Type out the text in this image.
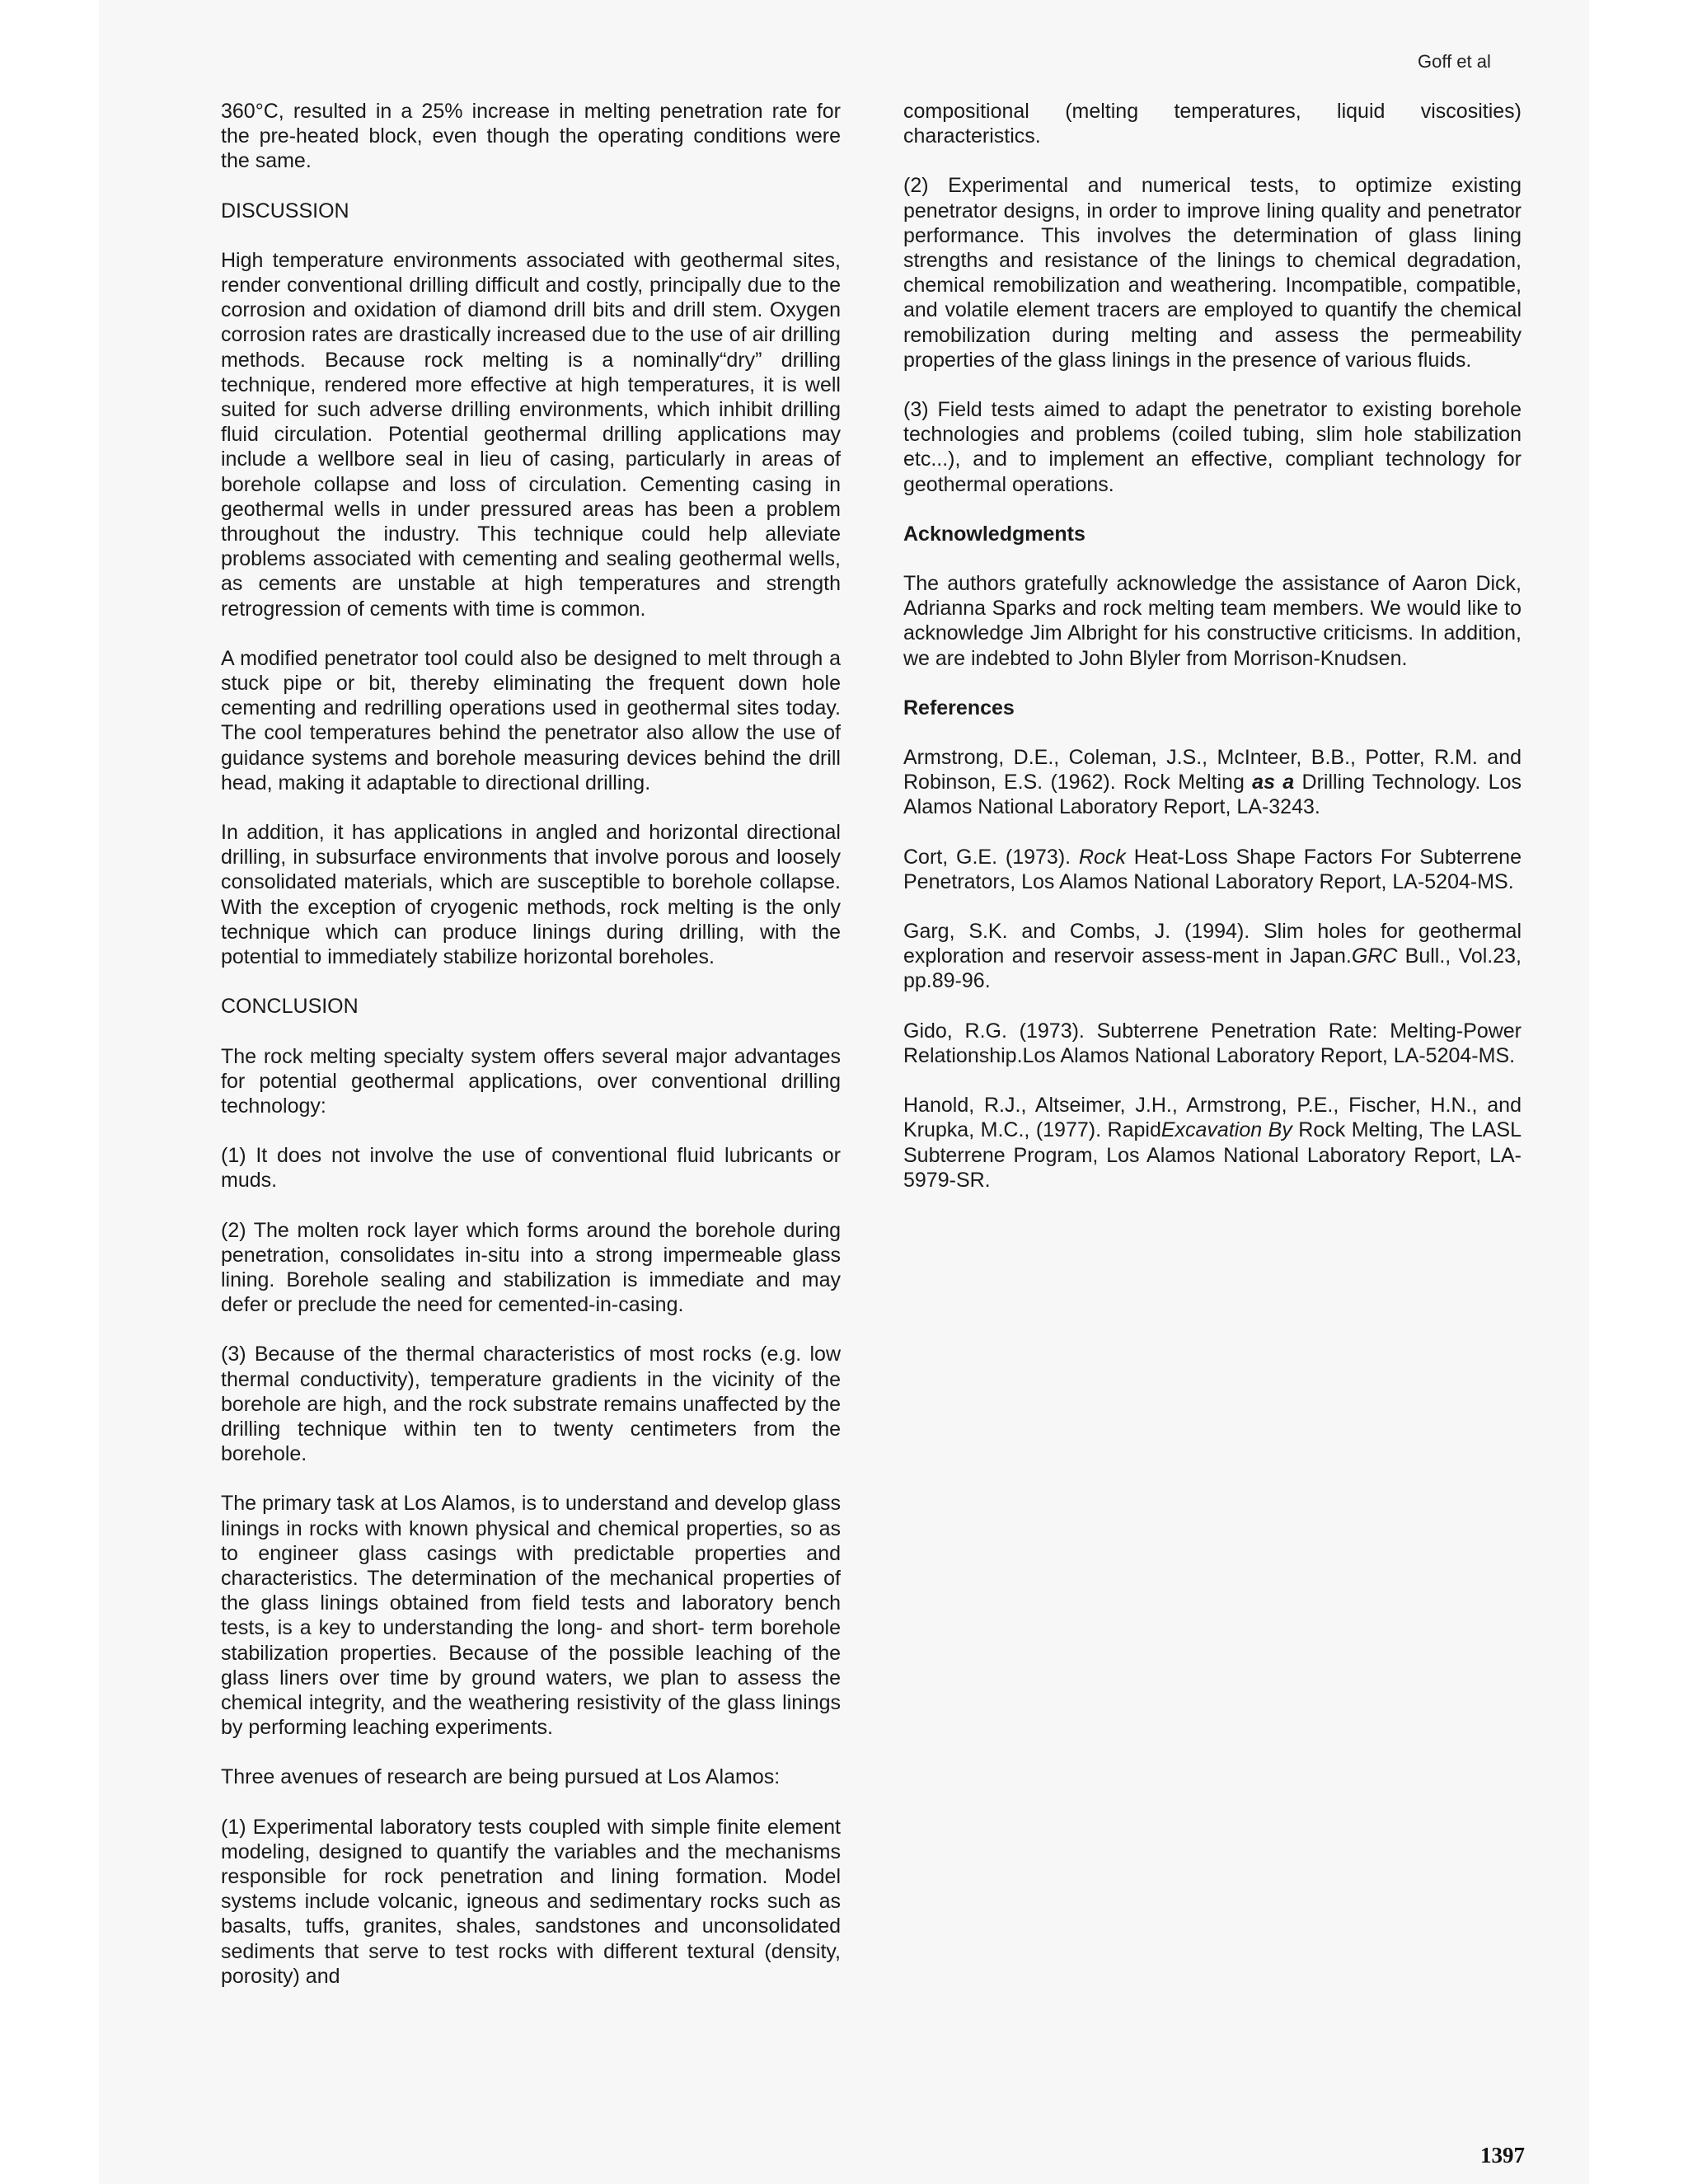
Goff et al

360°C, resulted in a 25% increase in melting penetration rate for the pre-heated block, even though the operating conditions were the same.

DISCUSSION

High temperature environments associated with geothermal sites, render conventional drilling difficult and costly, principally due to the corrosion and oxidation of diamond drill bits and drill stem. Oxygen corrosion rates are drastically increased due to the use of air drilling methods. Because rock melting is a nominally“dry” drilling technique, rendered more effective at high temperatures, it is well suited for such adverse drilling environments, which inhibit drilling fluid circulation. Potential geothermal drilling applications may include a wellbore seal in lieu of casing, particularly in areas of borehole collapse and loss of circulation. Cementing casing in geothermal wells in under pressured areas has been a problem throughout the industry. This technique could help alleviate problems associated with cementing and sealing geothermal wells, as cements are unstable at high temperatures and strength retrogression of cements with time is common.

A modified penetrator tool could also be designed to melt through a stuck pipe or bit, thereby eliminating the frequent down hole cementing and redrilling operations used in geothermal sites today. The cool temperatures behind the penetrator also allow the use of guidance systems and borehole measuring devices behind the drill head, making it adaptable to directional drilling.

In addition, it has applications in angled and horizontal directional drilling, in subsurface environments that involve porous and loosely consolidated materials, which are susceptible to borehole collapse. With the exception of cryogenic methods, rock melting is the only technique which can produce linings during drilling, with the potential to immediately stabilize horizontal boreholes.

CONCLUSION

The rock melting specialty system offers several major advantages for potential geothermal applications, over conventional drilling technology:

(1) It does not involve the use of conventional fluid lubricants or muds.

(2) The molten rock layer which forms around the borehole during penetration, consolidates in-situ into a strong impermeable glass lining. Borehole sealing and stabilization is immediate and may defer or preclude the need for cemented-in-casing.

(3) Because of the thermal characteristics of most rocks (e.g. low thermal conductivity), temperature gradients in the vicinity of the borehole are high, and the rock substrate remains unaffected by the drilling technique within ten to twenty centimeters from the borehole.

The primary task at Los Alamos, is to understand and develop glass linings in rocks with known physical and chemical properties, so as to engineer glass casings with predictable properties and characteristics. The determination of the mechanical properties of the glass linings obtained from field tests and laboratory bench tests, is a key to understanding the long- and short- term borehole stabilization properties. Because of the possible leaching of the glass liners over time by ground waters, we plan to assess the chemical integrity, and the weathering resistivity of the glass linings by performing leaching experiments.

Three avenues of research are being pursued at Los Alamos:

(1) Experimental laboratory tests coupled with simple finite element modeling, designed to quantify the variables and the mechanisms responsible for rock penetration and lining formation. Model systems include volcanic, igneous and sedimentary rocks such as basalts, tuffs, granites, shales, sandstones and unconsolidated sediments that serve to test rocks with different textural (density, porosity) and

compositional (melting temperatures, liquid viscosities) characteristics.

(2) Experimental and numerical tests, to optimize existing penetrator designs, in order to improve lining quality and penetrator performance. This involves the determination of glass lining strengths and resistance of the linings to chemical degradation, chemical remobilization and weathering. Incompatible, compatible, and volatile element tracers are employed to quantify the chemical remobilization during melting and assess the permeability properties of the glass linings in the presence of various fluids.

(3) Field tests aimed to adapt the penetrator to existing borehole technologies and problems (coiled tubing, slim hole stabilization etc...), and to implement an effective, compliant technology for geothermal operations.

Acknowledgments

The authors gratefully acknowledge the assistance of Aaron Dick, Adrianna Sparks and rock melting team members. We would like to acknowledge Jim Albright for his constructive criticisms. In addition, we are indebted to John Blyler from Morrison-Knudsen.

References

Armstrong, D.E., Coleman, J.S., McInteer, B.B., Potter, R.M. and Robinson, E.S. (1962). Rock Melting as a Drilling Technology. Los Alamos National Laboratory Report, LA-3243.

Cort, G.E. (1973). Rock Heat-Loss Shape Factors For Subterrene Penetrators, Los Alamos National Laboratory Report, LA-5204-MS.

Garg, S.K. and Combs, J. (1994). Slim holes for geothermal exploration and reservoir assess-ment in Japan.GRC Bull., Vol.23, pp.89-96.

Gido, R.G. (1973). Subterrene Penetration Rate: Melting-Power Relationship.Los Alamos National Laboratory Report, LA-5204-MS.

Hanold, R.J., Altseimer, J.H., Armstrong, P.E., Fischer, H.N., and Krupka, M.C., (1977). RapidExcavation By Rock Melting, The LASL Subterrene Program, Los Alamos National Laboratory Report, LA-5979-SR.

1397
